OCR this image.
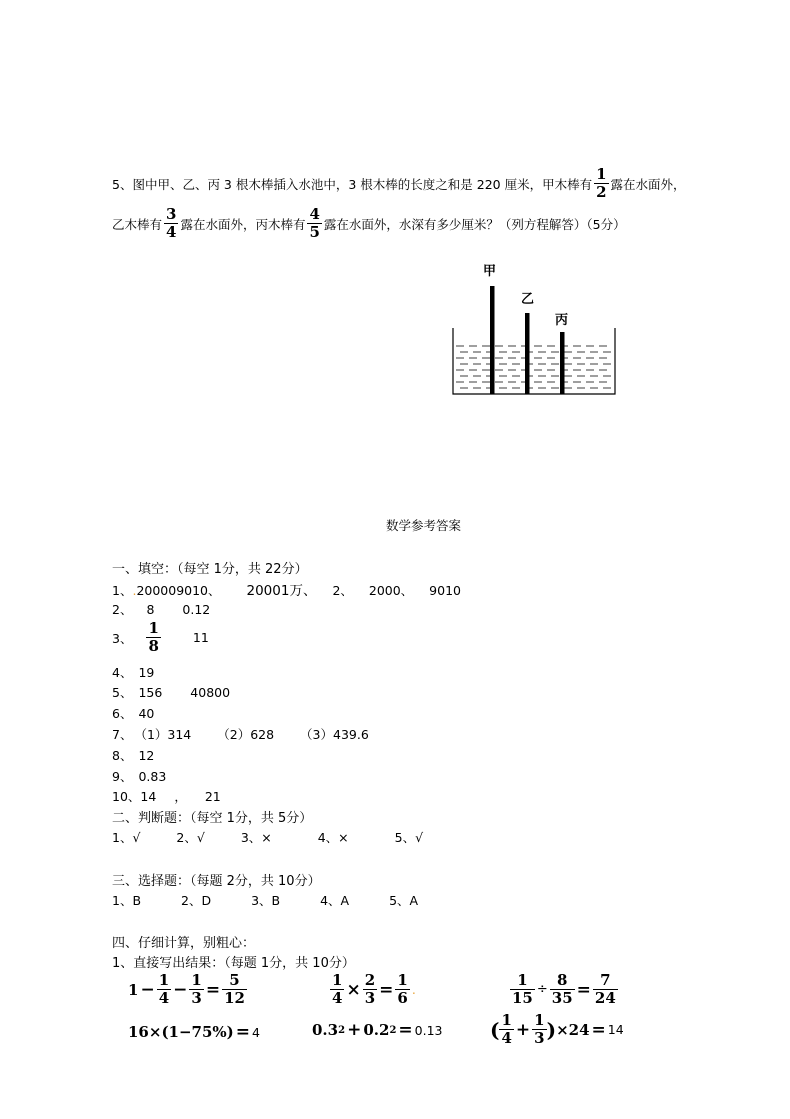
5、图中甲、乙、丙 3 根木棒插入水池中，3 根木棒的长度之和是 220 厘米，甲木棒有 $\frac{1}{2}$ 露在水面外，
乙木棒有 $\frac{3}{4}$ 露在水面外，丙木棒有 $\frac{4}{5}$ 露在水面外，水深有多少厘米？（列方程解答）（5分）
甲
乙
丙
数学参考答案
一、填空：（每空 1分，共 22分）
1、.200009010、 20001万、 2、 2000、 9010
2、 8 0.12
3、 $\frac{1}{8}$	11
4、 19
5、 156 40800
6、 40
7、 （1）314 （2）628 （3）439.6
8、 12
9、 0.83
10、14 ， 21
二、判断题：（每空 1分，共 5分）
1、√	2、√	3、×	4、×	5、√
三、选择题：（每题 2分，共 10分）
1、B	2、D	3、B	4、A	5、A
四、仔细计算，别粗心：
1、直接写出结果：（每题 1分，共 10分）
$1 - \frac{1}{4} - \frac{1}{3} = \frac{5}{12}$	$\frac{1}{4} \times \frac{2}{3} = \frac{1}{6}$ .	$\frac{1}{15} \div \frac{8}{35} = \frac{7}{24}$
16×(1−75%) = 4	0.3 2 + 0.2 2 = 0.13 ( $\frac{1}{4} + \frac{1}{3}$ ) ×24 = 14
